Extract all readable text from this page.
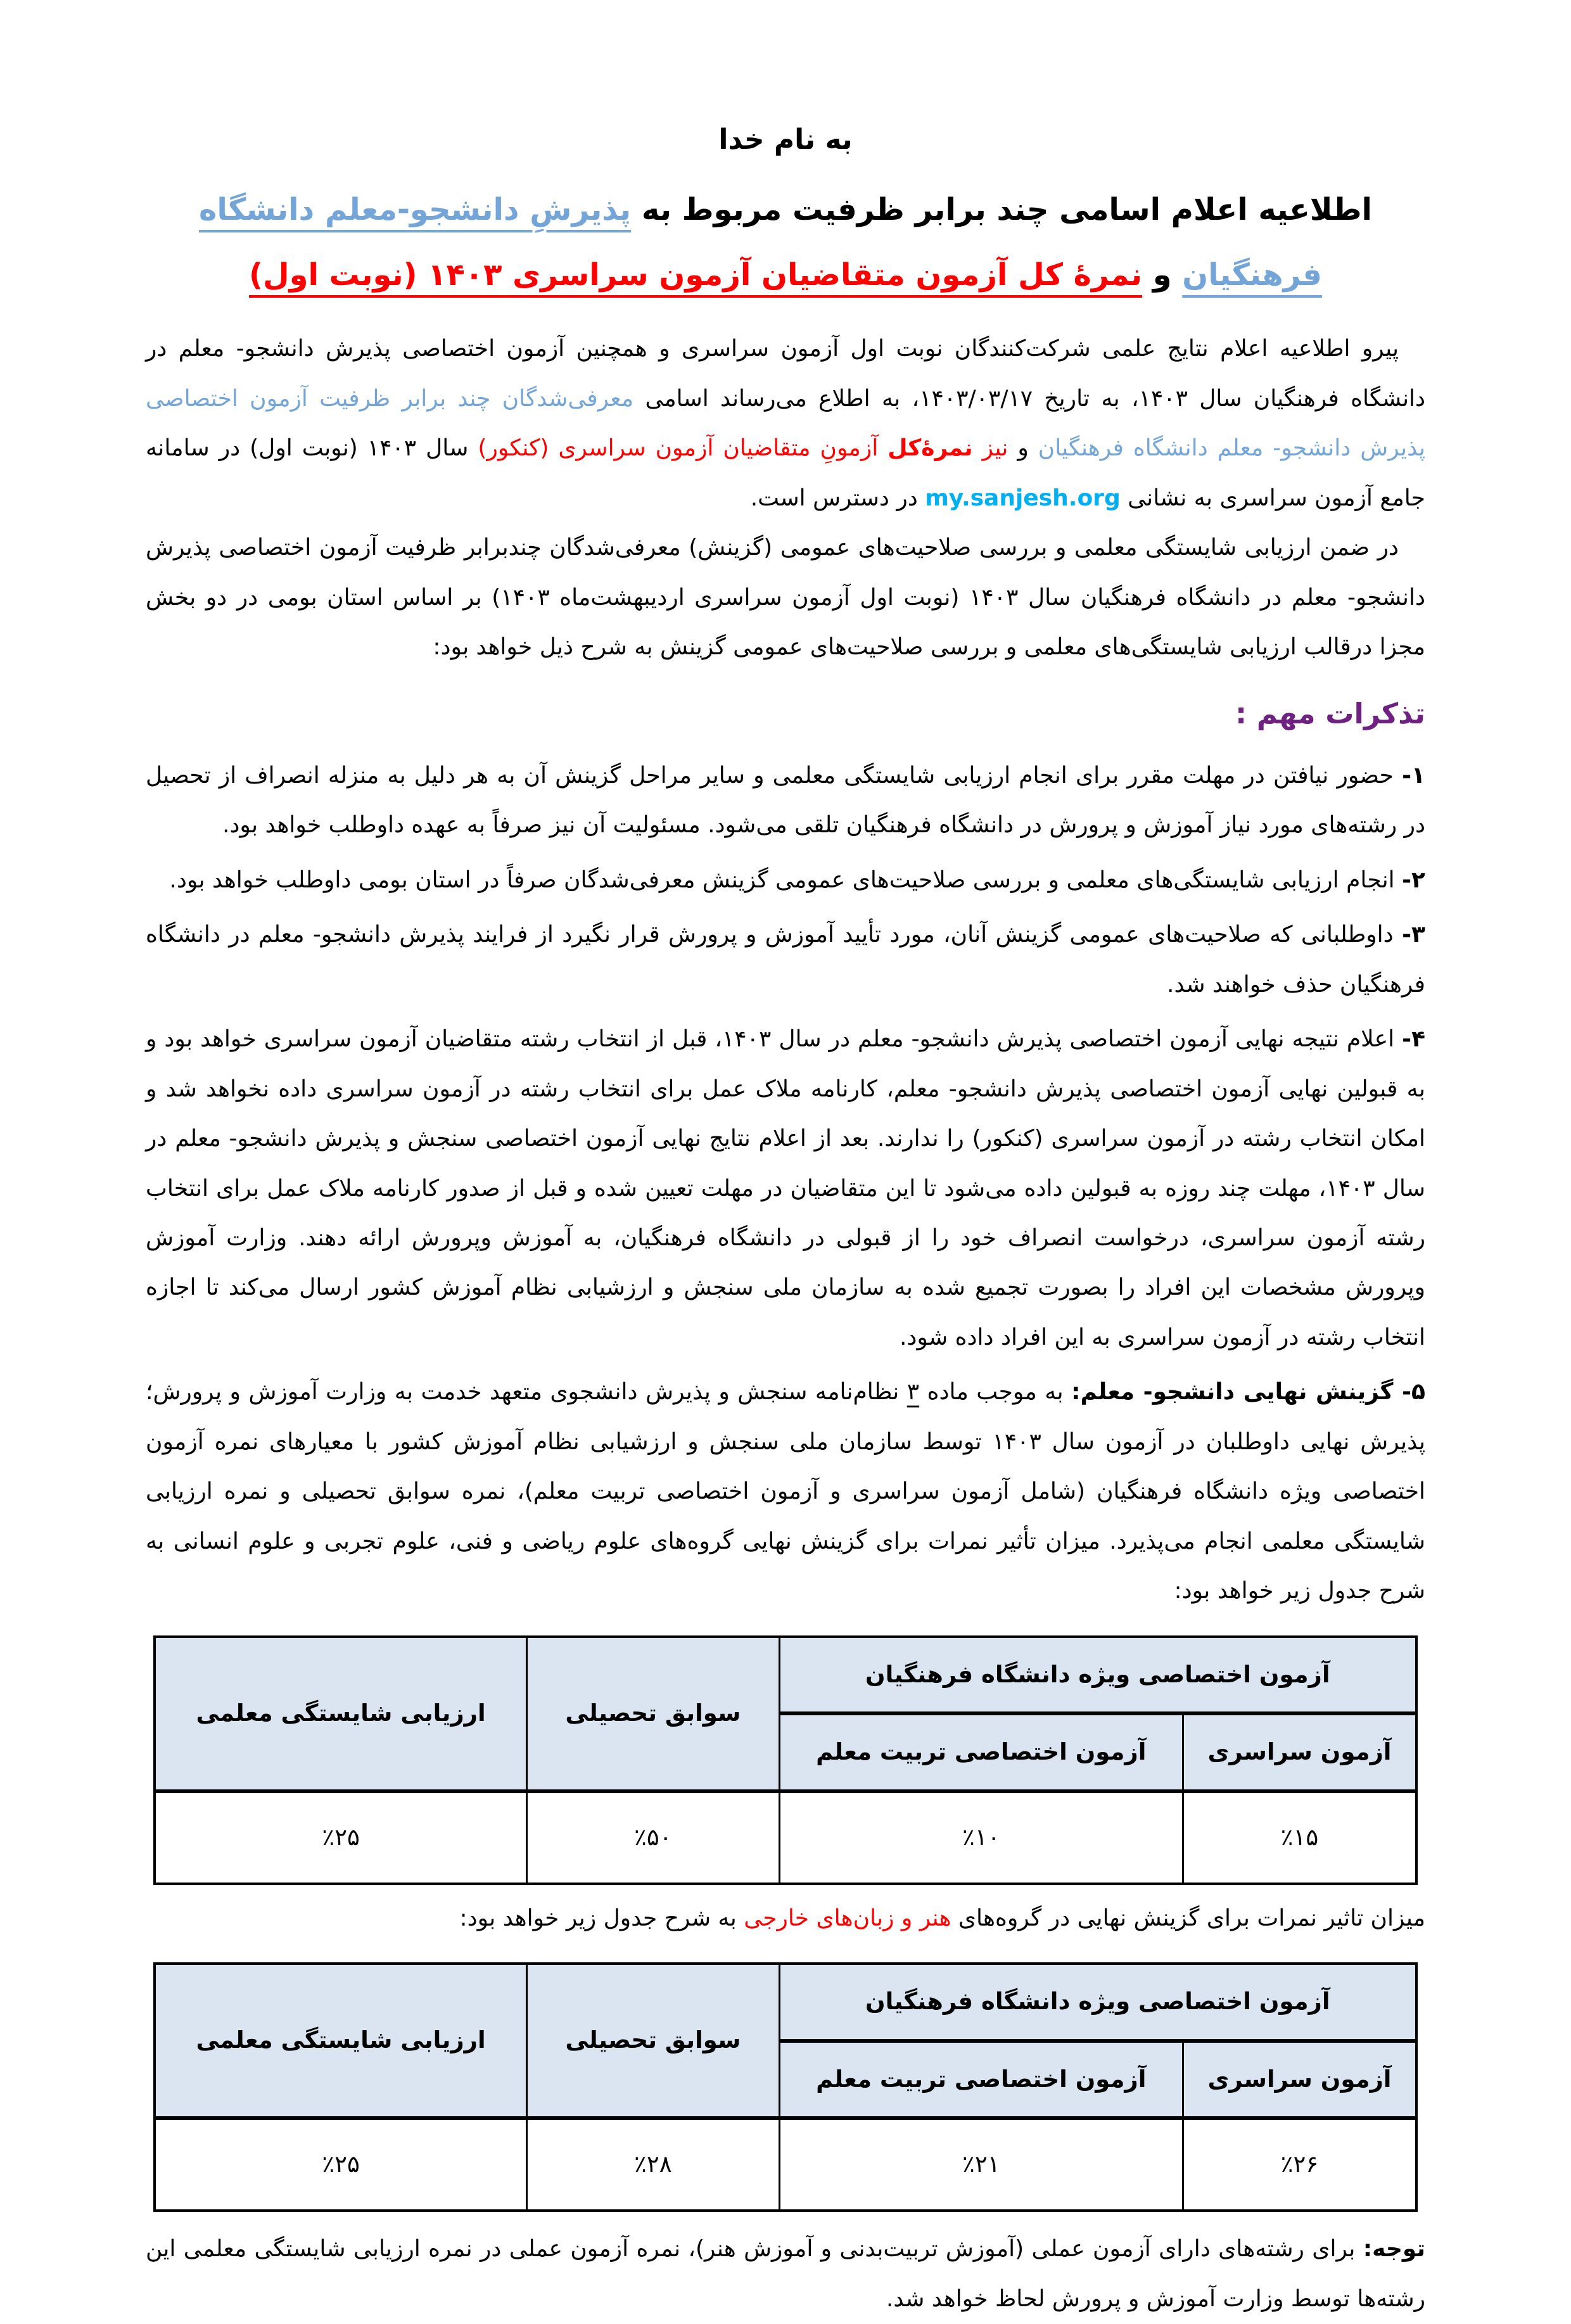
به نام خدا

اطلاعیه اعلام اسامی چند برابر ظرفیت مربوط به پذیرشِ دانشجو-معلم دانشگاه فرهنگیان و نمرهٔ کل آزمون متقاضیان آزمون سراسری ۱۴۰۳ (نوبت اول)

پیرو اطلاعیه اعلام نتایج علمی شرکت‌کنندگان نوبت اول آزمون سراسری و همچنین آزمون اختصاصی پذیرش دانشجو- معلم در دانشگاه فرهنگیان سال ۱۴۰۳، به تاریخ ۱۴۰۳/۰۳/۱۷، به اطلاع می‌رساند اسامی معرفی‌شدگان چند برابر ظرفیت آزمون اختصاصی پذیرش دانشجو- معلم دانشگاه فرهنگیان و نیز نمرهٔ‌کل آزمونِ متقاضیان آزمون سراسری (کنکور) سال ۱۴۰۳ (نوبت اول) در سامانه جامع آزمون سراسری به نشانی my.sanjesh.org در دسترس است.

در ضمن ارزیابی شایستگی معلمی و بررسی صلاحیت‌های عمومی (گزینش) معرفی‌شدگان چندبرابر ظرفیت آزمون اختصاصی پذیرش دانشجو- معلم در دانشگاه فرهنگیان سال ۱۴۰۳ (نوبت اول آزمون سراسری اردیبهشت‌ماه ۱۴۰۳) بر اساس استان بومی در دو بخش مجزا درقالب ارزیابی شایستگی‌های معلمی و بررسی صلاحیت‌های عمومی گزینش به شرح ذیل خواهد بود:

تذکرات مهم :

۱- حضور نیافتن در مهلت مقرر برای انجام ارزیابی شایستگی معلمی و سایر مراحل گزینش آن به هر دلیل به منزله انصراف از تحصیل در رشته‌های مورد نیاز آموزش و پرورش در دانشگاه فرهنگیان تلقی می‌شود. مسئولیت آن نیز صرفاً به عهده داوطلب خواهد بود.

۲- انجام ارزیابی شایستگی‌های معلمی و بررسی صلاحیت‌های عمومی گزینش معرفی‌شدگان صرفاً در استان بومی داوطلب خواهد بود.

۳- داوطلبانی که صلاحیت‌های عمومی گزینش آنان، مورد تأیید آموزش و پرورش قرار نگیرد از فرایند پذیرش دانشجو- معلم در دانشگاه فرهنگیان حذف خواهند شد.

۴- اعلام نتیجه نهایی آزمون اختصاصی پذیرش دانشجو- معلم در سال ۱۴۰۳، قبل از انتخاب رشته متقاضیان آزمون سراسری خواهد بود و به قبولین نهایی آزمون اختصاصی پذیرش دانشجو- معلم، کارنامه ملاک عمل برای انتخاب رشته در آزمون سراسری داده نخواهد شد و امکان انتخاب رشته در آزمون سراسری (کنکور) را ندارند. بعد از اعلام نتایج نهایی آزمون اختصاصی سنجش و پذیرش دانشجو- معلم در سال ۱۴۰۳، مهلت چند روزه به قبولین داده می‌شود تا این متقاضیان در مهلت تعیین شده و قبل از صدور کارنامه ملاک عمل برای انتخاب رشته آزمون سراسری، درخواست انصراف خود را از قبولی در دانشگاه فرهنگیان، به آموزش وپرورش ارائه دهند. وزارت آموزش وپرورش مشخصات این افراد را بصورت تجمیع شده به سازمان ملی سنجش و ارزشیابی نظام آموزش کشور ارسال می‌کند تا اجازه انتخاب رشته در آزمون سراسری به این افراد داده شود.

۵- گزینش نهایی دانشجو- معلم: به موجب ماده ۳ نظام‌نامه سنجش و پذیرش دانشجوی متعهد خدمت به وزارت آموزش و پرورش؛ پذیرش نهایی داوطلبان در آزمون سال ۱۴۰۳ توسط سازمان ملی سنجش و ارزشیابی نظام آموزش کشور با معیارهای نمره آزمون اختصاصی ویژه دانشگاه فرهنگیان (شامل آزمون سراسری و آزمون اختصاصی تربیت معلم)، نمره سوابق تحصیلی و نمره ارزیابی شایستگی معلمی انجام می‌پذیرد. میزان تأثیر نمرات برای گزینش نهایی گروه‌های علوم ریاضی و فنی، علوم تجربی و علوم انسانی به شرح جدول زیر خواهد بود:

آزمون اختصاصی ویژه دانشگاه فرهنگیان		سوابق تحصیلی	ارزیابی شایستگی معلمی
آزمون سراسری	آزمون اختصاصی تربیت معلم		
٪۱۵	٪۱۰	٪۵۰	٪۲۵

میزان تاثیر نمرات برای گزینش نهایی در گروه‌های هنر و زبان‌های خارجی به شرح جدول زیر خواهد بود:

آزمون اختصاصی ویژه دانشگاه فرهنگیان		سوابق تحصیلی	ارزیابی شایستگی معلمی
آزمون سراسری	آزمون اختصاصی تربیت معلم		
٪۲۶	٪۲۱	٪۲۸	٪۲۵

توجه: برای رشته‌های دارای آزمون عملی (آموزش تربیت‌بدنی و آموزش هنر)، نمره آزمون عملی در نمره ارزیابی شایستگی معلمی این رشته‌ها توسط وزارت آموزش و پرورش لحاظ خواهد شد.
